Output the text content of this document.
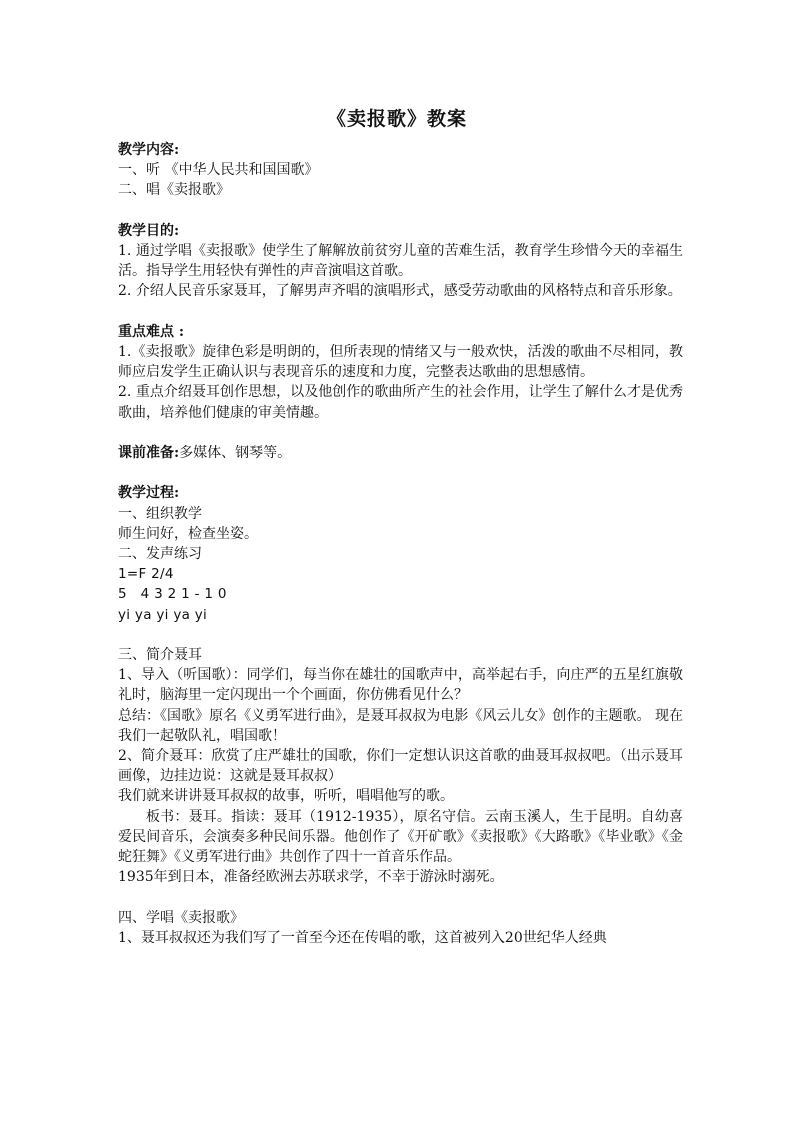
《卖报歌》教案
教学内容:
一、听 《中华人民共和国国歌》
二、唱《卖报歌》
教学目的:
1. 通过学唱《卖报歌》使学生了解解放前贫穷儿童的苦难生活，教育学生珍惜今天的幸福生活。指导学生用轻快有弹性的声音演唱这首歌。
2. 介绍人民音乐家聂耳，了解男声齐唱的演唱形式，感受劳动歌曲的风格特点和音乐形象。
重点难点 :
1.《卖报歌》旋律色彩是明朗的，但所表现的情绪又与一般欢快，活泼的歌曲不尽相同，教师应启发学生正确认识与表现音乐的速度和力度，完整表达歌曲的思想感情。
2. 重点介绍聂耳创作思想，以及他创作的歌曲所产生的社会作用，让学生了解什么才是优秀歌曲，培养他们健康的审美情趣。
课前准备:多媒体、钢琴等。
教学过程:
一、组织教学
师生问好，检查坐姿。
二、发声练习
1=F 2/4
5   4 3 2 1 - 1 0
yi ya yi ya yi
三、简介聂耳
1、导入（听国歌）：同学们，每当你在雄壮的国歌声中，高举起右手，向庄严的五星红旗敬礼时，脑海里一定闪现出一个个画面，你仿佛看见什么？
总结：《国歌》原名《义勇军进行曲》，是聂耳叔叔为电影《风云儿女》创作的主题歌。 现在我们一起敬队礼，唱国歌！
2、简介聂耳：欣赏了庄严雄壮的国歌，你们一定想认识这首歌的曲聂耳叔叔吧。（出示聂耳画像，边挂边说：这就是聂耳叔叔）
我们就来讲讲聂耳叔叔的故事，听听，唱唱他写的歌。
板书：聂耳。指读：聂耳（1912-1935），原名守信。云南玉溪人，生于昆明。自幼喜 爱民间音乐，会演奏多种民间乐器。他创作了《开矿歌》《卖报歌》《大路歌》《毕业歌》《金蛇狂舞》《义勇军进行曲》共创作了四十一首音乐作品。
1935年到日本，准备经欧洲去苏联求学，不幸于游泳时溺死。
四、学唱《卖报歌》
1、聂耳叔叔还为我们写了一首至今还在传唱的歌，这首被列入20世纪华人经典
